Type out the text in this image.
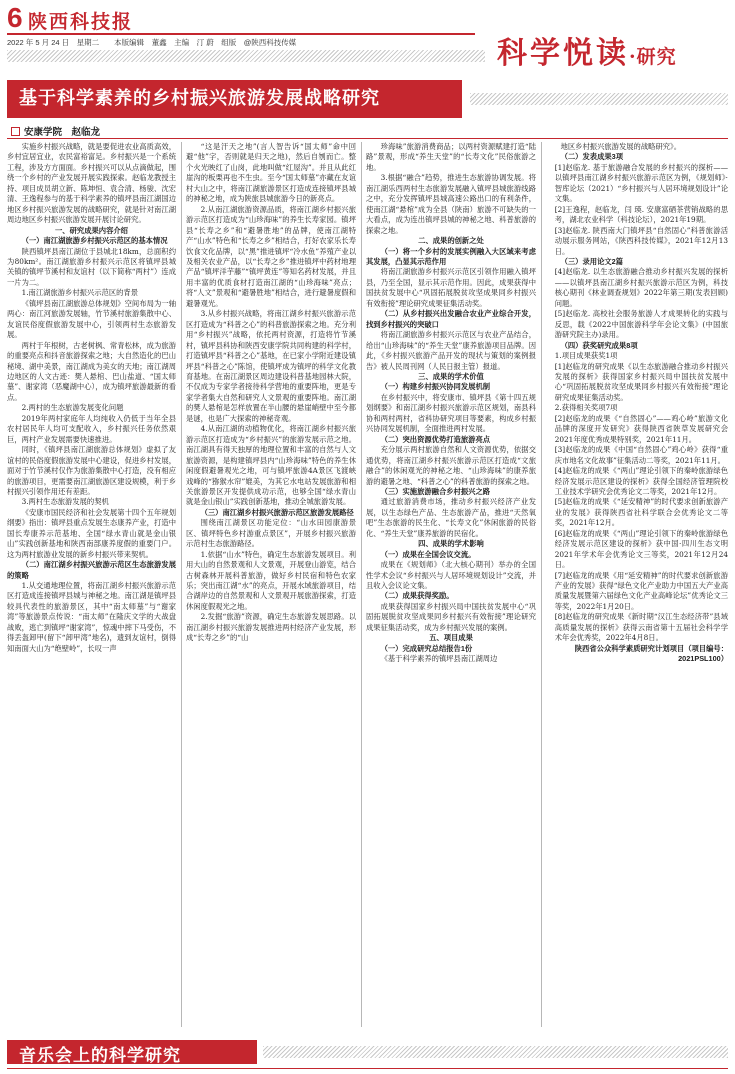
6 陕西科技报
2022 年 5 月 24 日　星期二　　本版编辑　董鑫　主编　汀 蔚　组版　@陕西科技传媒	科学悦读·研究
基于科学素养的乡村振兴旅游发展战略研究
安康学院　赵临龙

实施乡村振兴战略，就是要促进农业高质高效，乡村宜居宜业，农民富裕富足。乡村振兴是一个系统工程，涉及方方面面。乡村振兴可以从点滴做起，围绕一个乡村的产业发展开展实践探索。赵临龙教授主持、项目成员胡立新、陈坤恒、袁合清、杨骏、沈宏清、王逸程参与的基于科学素养的镇坪县南江湖国边地区乡村振兴旅游发展的战略研究，就是针对南江湖周边地区乡村振兴旅游发展开展讨论研究。

一、研究成果内容介绍

（一）南江湖旅游乡村振兴示范区的基本情况

陕西镇坪县南江湖位于县城北18km，总面积约为80km²。南江湖旅游乡村振兴示范区将镇坪县城关镇的镇坪节溪村和友谊村（以下简称“两村”）连成一片为二。

1.南江湖旅游乡村振兴示范区的背景

《镇坪县南江湖旅游总体规划》空间布局为一轴两心：南江河旅游发展轴，竹节溪村旅游集散中心、友谊民俗度假旅游发展中心，引领两村生态旅游发展。

两村于年根树，古老树枫、常青松林，成为旅游的重要亮点和抖音旅游探索之地；大自然造化的巴山秘境、湖中美景，南江湖成为美女的天地；南江湖周边地区的人文古迹：樊人悬棺、巴山盐道、“国太师墓”、谢家湾（恶魔湖中心），成为镇坪旅游最新的看点。

2.两村的生态旅游发展变化问题

2019年两村家庭年人均纯收入仍低于当年全县农村居民年人均可支配收入，乡村振兴任务依然艰巨，两村产业发展需要快速推进。

同时，《镇坪县南江湖旅游总体规划》虚拟了友谊村的民俗度假旅游发展中心建设，促进乡村发展，面对于竹节溪村仅作为旅游集散中心打造，没有相应的旅游项目，更需要南江湖旅游区建设规模，利于乡村振兴引领作用还有差距。

3.两村生态旅游发展的契机

《安康市国民经济和社会发展第十四个五年规划纲要》指出：镇坪县重点发展生态康养产业，打造中国长寿康养示范基地、全国“绿水青山就是金山银山”实践创新基地和陕西南部康养度假的重要门户。这为两村旅游业发展的新乡村振兴带来契机。

（二）南江湖乡村振兴旅游示范区生态旅游发展的策略

1.从交通地理位置，将南江湖乡村振兴旅游示范区打造成连接镇坪县城与神秘之地。南江湖是镇坪县较具代表性的旅游景区，其中“南太师墓”与“谢家湾”等旅游景点传说：“南太师”在隆庆文学的大战盘战败，逃亡到镇坪“谢家湾”，惊魂中摔下马受伤，不得丢盔卸甲(留下“卸甲湾”地名)，遗到友谊村，倒得知南面大山为“绝壁岭”，长叹一声

“这是汗天之地”(言人智告诉“国太师”命中回避“他”字，否则就是归天之地)，然后自刎而亡。整个火光映红了山岗，此地叫做“红屋沟”。并且从此红崖沟的板栗再也不生虫。至今“国太师墓”亦藏在友谊村大山之中，将南江湖旅游景区打造成连接镇坪县城的神秘之地，成为陕旅县城旅游今日的新亮点。

2.从南江湖旅游资源品质，将南江湖乡村振兴旅游示范区打造成为“山珍海味”的养生长寿家园。镇坪县“长寿之乡”和“避暑胜地”的品牌，使南江湖特产“山水”特色和“长寿之乡”相结合，打好农家乐长寿饮食文化品牌，以“黑”推进镇坪“冷水鱼”养殖产业以及相关农业产品，以“长寿之乡”推进镇坪中药材地理产品“镇坪洋芋藤”“镇坪黄连”等知名药材发展，并且用丰富的优质食材打造南江湖的“山珍海味”亮点；将“人文”景观和“避暑胜地”相结合，进行避暑度假和避暑观光。

3.从乡村振兴战略，将南江湖乡村振兴旅游示范区打造成为“科普之心”的科普旅游探索之地。充分利用“乡村振兴”战略，依托两村资源，打造将竹节溪村，镇坪县科协和陕西安康学院共同构建的科学村，打造镇坪县“科普之心”基地，在已家小学附近建设镇坪县“科普之心”陈馆，使镇坪成为镇坪的科学文化教育基地。在南江湖景区周边建设科普基地园林大院，不仅成为专家学者接待科学营地的重要阵地，更是专家学者集大自然和研究人文景观的重要阵地。南江湖的樊人悬棺是怎样放置在半山腰的悬崖峭壁中至今都是谜，也是广大探索的神秘奇观。

4.从南江湖的动植物优化，将南江湖乡村振兴旅游示范区打造成为“乡村振兴”的旅游发展示范之地。南江湖具有得天独厚的地理位置和丰富的自然与人文旅游资源，是构建镇坪县内“山珍海味”特色的养生休闲度假避暑观光之地，可与镇坪旅游4A景区飞渡峡戏峰的“猕猴水帘”媲美，为其它水电站发展旅游和相关旅游景区开发提供成功示范，也够全国“绿水青山就是金山银山”实践创新基地，推动全城旅游发展。

（三）南江湖乡村振兴旅游示范区旅游发展路径

围绕南江湖景区功能定位：“山水田园康游景区、镇坪特色乡村游重点景区”，开展乡村振兴旅游示范村生态旅游路径。

1.依据“山水”特色，确定生态旅游发展项目。利用大山的自然景观和人文景观，开展登山游览，结合古树森林开展科普旅游，做好乡村民宿和特色农家乐；突出南江湖“水”的亮点，开展水域旅游项目，结合湖岸边的自然景观和人文景观开展旅游探索，打造休闲度假观光之地。

2.发掘“旅游”资源，确定生态旅游发展思路。以南江湖乡村振兴旅游发展推进两村经济产业发展，形成“长寿之乡”的“山

珍海味”旅游消费商品；以两村资源赋建打造“陆路”景观，形成“养生天堂”的“长寿文化”民俗旅游之地。

3.根据“融合”趋势，推进生态旅游协调发展。将南江湖乐西两村生态旅游发展融入镇坪县城旅游线路之中，充分发挥镇坪县城高速公路出口的有利条件，使南江湖“悬棺”成为全县（陕南）旅游不可缺失的一大看点，成为连出镇坪县城的神秘之地、科普旅游的探索之地。

二、成果的创新之处

（一）将一个乡村的发展实例融入大区域来考虑其发展，凸显其示范作用

将南江湖旅游乡村振兴示范区引领作用融入镇坪县，乃至全国，显示其示范作用。因此，成果获得中国扶贫发展中心“巩固拓展脱贫攻坚成果同乡村振兴有效衔接”理论研究成果征集活动奖。

（二）从乡村振兴出发融合农业产业综合开发，找到乡村振兴的突破口

将南江湖旅游乡村振兴示范区与农业产品结合，给出“山珍海味”的“养生天堂”康养旅游项目品牌。因此，《乡村振兴旅游产品开发的现状与策划的案例报告》被人民周刊网（人民日报主管）报道。

三、成果的学术价值

（一）构建乡村振兴协同发展机制

在乡村振兴中，将安康市、镇坪县《第十四五规划纲要》和南江湖乡村振兴旅游示范区规划，南县科协和两村两村，省科协研究项目等要素，构成乡村振兴协同发展机制，全面推进两村发展。

（二）突出资源优势打造旅游亮点

充分展示两村旅游自然和人文资源优势，依据交通优势，将南江湖乡村振兴旅游示范区打造成“文旅融合”的休闲观光的神秘之地、“山珍海味”的康养旅游的避暑之地、“科普之心”的科普旅游的探索之地。

（三）实施旅游融合乡村振兴之路

通过旅游消费市场，推动乡村振兴经济产业发展，以生态绿色产品、生态旅游产品，推进“天然氧吧”生态旅游的民生化、“长寿文化”休闲旅游的民俗化、“养生天堂”康养旅游的民宿化。

四、成果的学术影响

（一）成果在全国会议交流。

成果在《规划师》（北大核心期刊）举办的全国性学术会议“乡村振兴与人居环境规划设计”交流，并且收入会议论文集。

（二）成果获得奖励。

成果获得国家乡村振兴局中国扶贫发展中心“巩固拓展脱贫攻坚成果同乡村振兴有效衔接”理论研究成果征集活动奖，成为乡村振兴发展的案例。

五、项目成果

（一）完成研究总结报告1份

《基于科学素养的镇坪县南江湖周边

地区乡村振兴旅游发展的战略研究》。

（二）发表成果3项

[1]赵临龙. 基于旅游融合发展的乡村振兴的探析——以镇坪县南江湖乡村振兴旅游示范区为例，《规划师》·智库论坛（2021）“乡村振兴与人居环境规划设计”论文集。

[2]王逸程，赵临龙，闫 瑛. 安康富硒茶营销战略的思考，湖北农业科学（科技论坛），2021年19期。

[3]赵临龙. 陕西南大门镇坪县“自然固心”科普旅游活动展示服务网站，《陕西科技传媒》，2021年12月13日。

（三）录用论文2篇

[4]赵临龙. 以生态旅游融合推动乡村振兴发展的探析——以镇坪县南江湖乡村振兴旅游示范区为例，科技核心期刊《林业调查规划》2022年第三期(发表回顾)问题。

[5]赵临龙. 高校社会服务旅游人才成果转化的实践与反思，载《2022中国旅游科学年会论文集》(中国旅游研究院主办)录用。

（四）获奖研究成果8项

1.项目成果获奖1项

[1]赵临龙的研究成果《以生态旅游融合推动乡村振兴发展的探析》获得国家乡村振兴局中国扶贫发展中心“巩固拓展脱贫攻坚成果同乡村振兴有效衔接”理论研究成果征集活动奖。

2.获得相关奖项7项

[2]赵临龙的成果《“自然固心”——鸡心岭”旅游文化品牌的深度开发研究》获得陕西省陕草发展研究会2021年度优秀成果特别奖，2021年11月。

[3]赵临龙的成果《中国“自然固心”鸡心岭》获得“重庆市地名文化故事”征集活动二等奖，2021年11月。

[4]赵临龙的成果《“两山”理论引领下的秦岭旅游绿色经济发展示范区建设的探析》获得全国经济管理院校工业技术学研究会优秀论文二等奖，2021年12月。

[5]赵临龙的成果《“延安精神”的时代要求创新旅游产业的发展》获得陕西省社科学联合会优秀论文二等奖，2021年12月。

[6]赵临龙的成果《“两山”理论引领下的秦岭旅游绿色经济发展示范区建设的探析》获中国·四川生态文明2021年学术年会优秀论文三等奖，2021年12月24日。

[7]赵临龙的成果《用“延安精神”的时代要求创新旅游产业的发展》获得“绿色文化产业助力中国五大产业高质量发展暨第六届绿色文化产业高峰论坛”优秀论文三等奖，2022年1月20日。

[8]赵临龙的研究成果《新时期“汉江生态经济带”县域高质量发展的探析》获得云南省第十五届社会科学学术年会优秀奖，2022年4月8日。

陕西省公众科学素质研究计划项目（项目编号：2021PSL100）

音乐会上的科学研究
